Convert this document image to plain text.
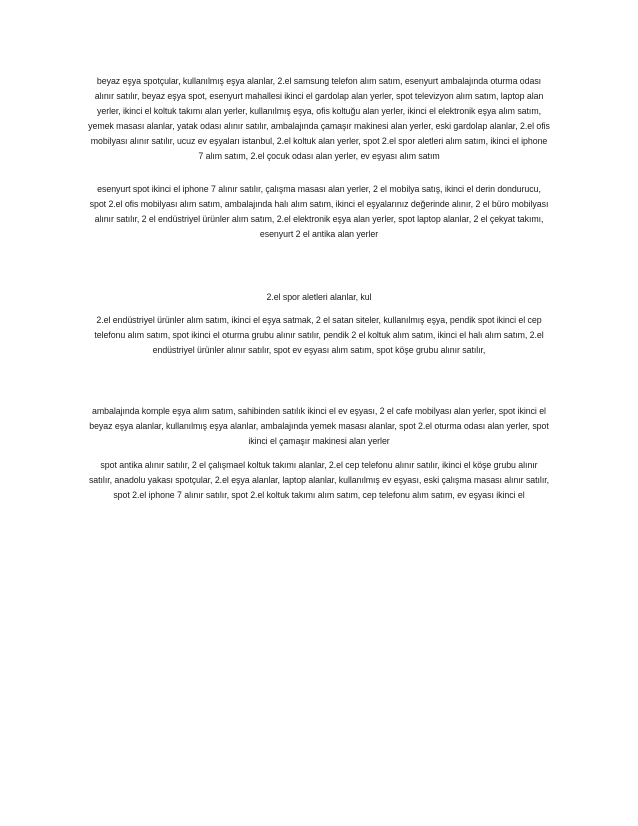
beyaz eşya spotçular, kullanılmış eşya alanlar, 2.el samsung telefon alım satım, esenyurt ambalajında oturma odası alınır satılır, beyaz eşya spot, esenyurt mahallesi ikinci el gardolap alan yerler, spot televizyon alım satım, laptop alan yerler, ikinci el koltuk takımı alan yerler, kullanılmış eşya, ofis koltuğu alan yerler, ikinci el elektronik eşya alım satım, yemek masası alanlar, yatak odası alınır satılır, ambalajında çamaşır makinesi alan yerler, eski gardolap alanlar, 2.el ofis mobilyası alınır satılır, ucuz ev eşyaları istanbul, 2.el koltuk alan yerler, spot 2.el spor aletleri alım satım, ikinci el iphone 7 alım satım, 2.el çocuk odası alan yerler, ev eşyası alım satım

esenyurt spot ikinci el iphone 7 alınır satılır, çalışma masası alan yerler, 2 el mobilya satış, ikinci el derin dondurucu, spot 2.el ofis mobilyası alım satım, ambalajında halı alım satım, ikinci el eşyalarınız değerinde alınır, 2 el büro mobilyası alınır satılır, 2 el endüstriyel ürünler alım satım, 2.el elektronik eşya alan yerler, spot laptop alanlar, 2 el çekyat takımı, esenyurt 2 el antika alan yerler

2.el spor aletleri alanlar, kul

2.el endüstriyel ürünler alım satım, ikinci el eşya satmak, 2 el satan siteler, kullanılmış eşya, pendik spot ikinci el cep telefonu alım satım, spot ikinci el oturma grubu alınır satılır, pendik 2 el koltuk alım satım, ikinci el halı alım satım, 2.el endüstriyel ürünler alınır satılır, spot ev eşyası alım satım, spot köşe grubu alınır satılır,

ambalajında komple eşya alım satım, sahibinden satılık ikinci el ev eşyası, 2 el cafe mobilyası alan yerler, spot ikinci el beyaz eşya alanlar, kullanılmış eşya alanlar, ambalajında yemek masası alanlar, spot 2.el oturma odası alan yerler, spot ikinci el çamaşır makinesi alan yerler

spot antika alınır satılır, 2 el çalışmael koltuk takımı alanlar, 2.el cep telefonu alınır satılır, ikinci el köşe grubu alınır satılır, anadolu yakası spotçular, 2.el eşya alanlar, laptop alanlar, kullanılmış ev eşyası, eski çalışma masası alınır satılır, spot 2.el iphone 7 alınır satılır, spot 2.el koltuk takımı alım satım, cep telefonu alım satım, ev eşyası ikinci el
